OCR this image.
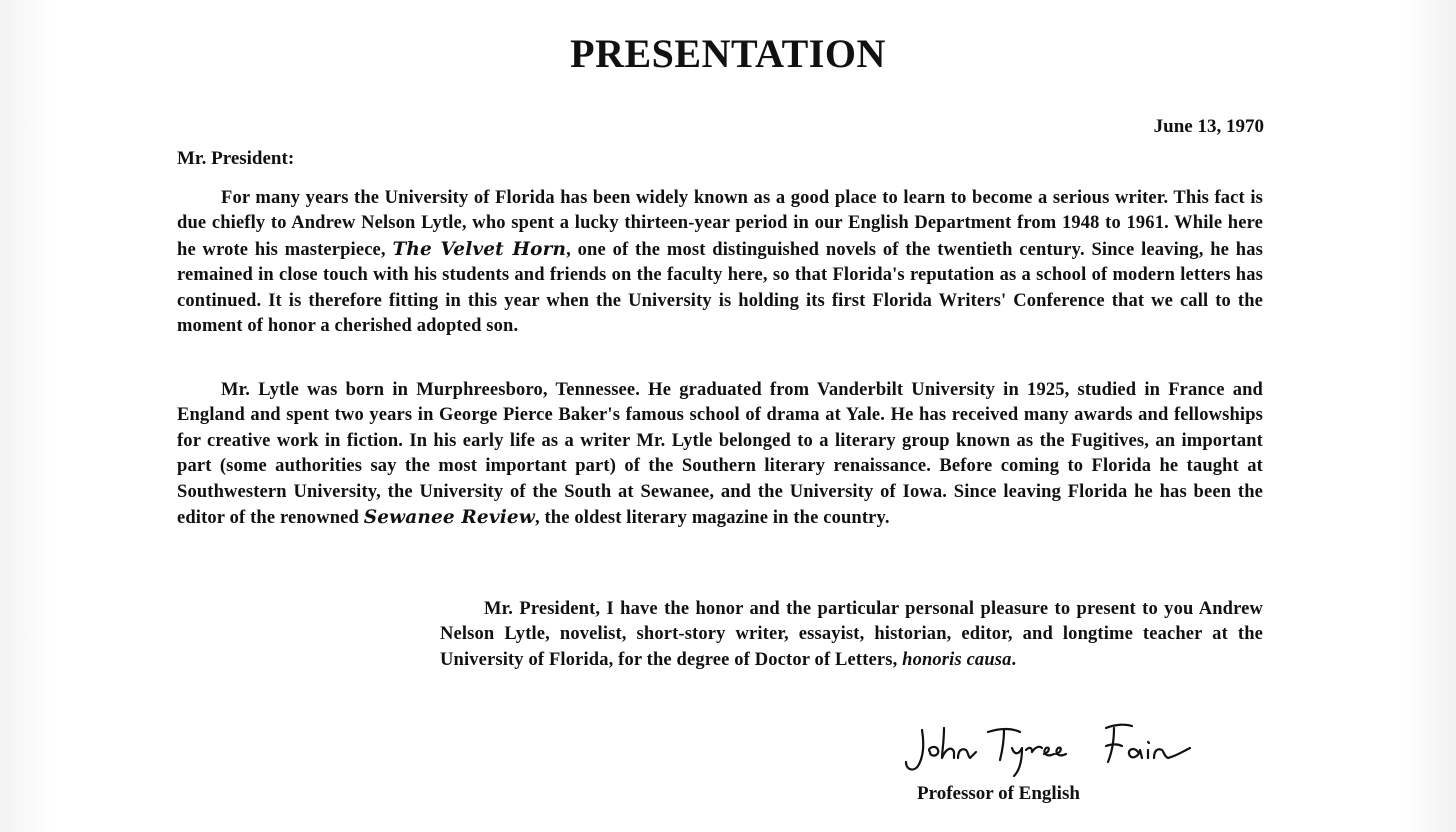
PRESENTATION
June 13, 1970
Mr. President:

For many years the University of Florida has been widely known as a good place to learn to become a serious writer. This fact is due chiefly to Andrew Nelson Lytle, who spent a lucky thirteen-year period in our English Department from 1948 to 1961. While here he wrote his masterpiece, The Velvet Horn, one of the most distinguished novels of the twentieth century. Since leaving, he has remained in close touch with his students and friends on the faculty here, so that Florida's reputation as a school of modern letters has continued. It is therefore fitting in this year when the University is holding its first Florida Writers' Conference that we call to the moment of honor a cherished adopted son.

Mr. Lytle was born in Murphreesboro, Tennessee. He graduated from Vanderbilt University in 1925, studied in France and England and spent two years in George Pierce Baker's famous school of drama at Yale. He has received many awards and fellowships for creative work in fiction. In his early life as a writer Mr. Lytle belonged to a literary group known as the Fugitives, an important part (some authorities say the most important part) of the Southern literary renaissance. Before coming to Florida he taught at Southwestern University, the University of the South at Sewanee, and the University of Iowa. Since leaving Florida he has been the editor of the renowned Sewanee Review, the oldest literary magazine in the country.

Mr. President, I have the honor and the particular personal pleasure to present to you Andrew Nelson Lytle, novelist, short-story writer, essayist, historian, editor, and longtime teacher at the University of Florida, for the degree of Doctor of Letters, honoris causa.

Professor of English
